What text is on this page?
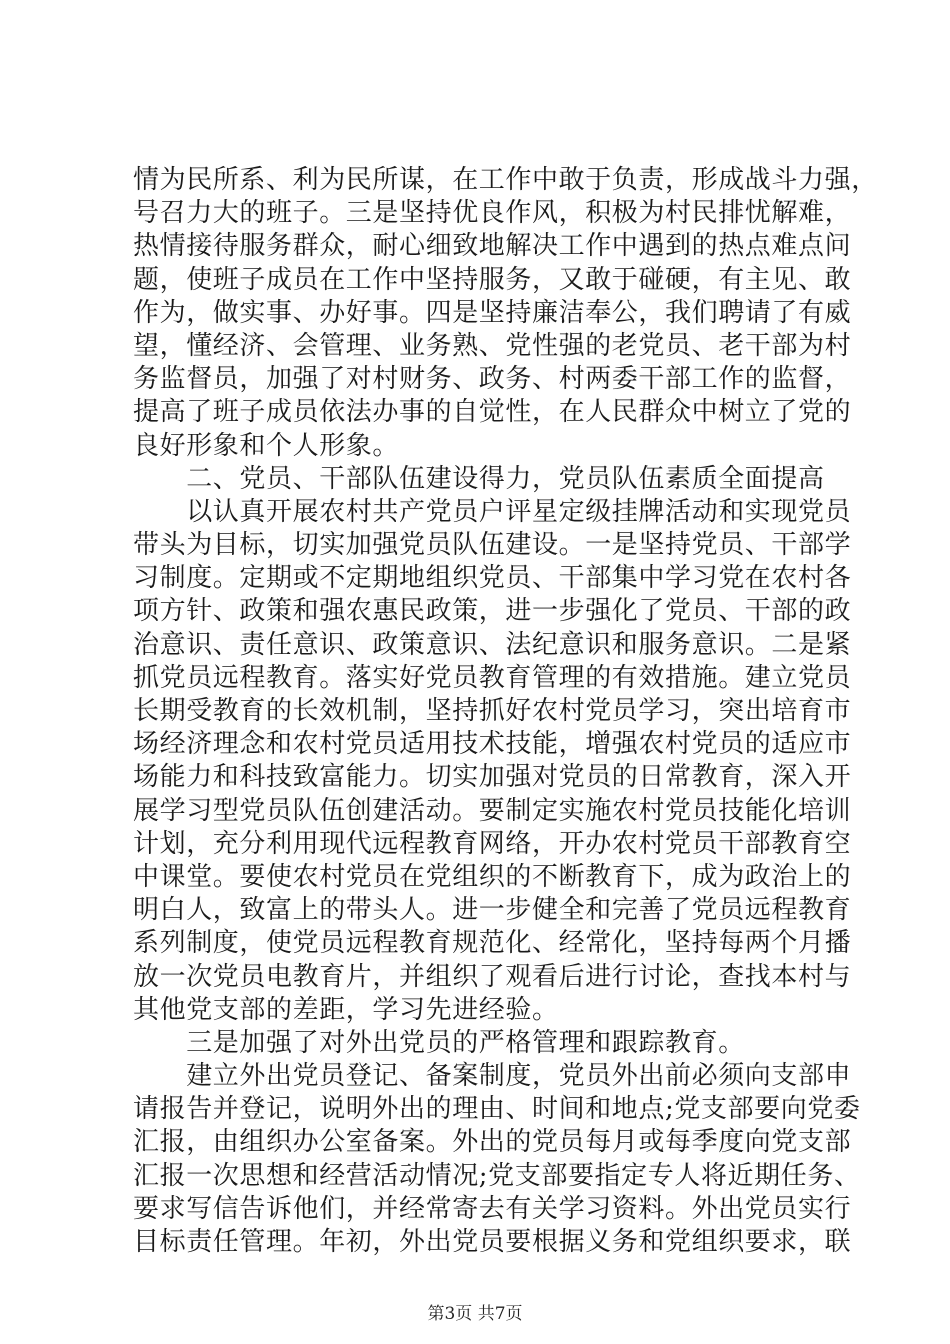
情为民所系、利为民所谋，在工作中敢于负责，形成战斗力强，
号召力大的班子。三是坚持优良作风，积极为村民排忧解难，
热情接待服务群众，耐心细致地解决工作中遇到的热点难点问
题，使班子成员在工作中坚持服务，又敢于碰硬，有主见、敢
作为，做实事、办好事。四是坚持廉洁奉公，我们聘请了有威
望，懂经济、会管理、业务熟、党性强的老党员、老干部为村
务监督员，加强了对村财务、政务、村两委干部工作的监督，
提高了班子成员依法办事的自觉性，在人民群众中树立了党的
良好形象和个人形象。
　　二、党员、干部队伍建设得力，党员队伍素质全面提高
　　以认真开展农村共产党员户评星定级挂牌活动和实现党员
带头为目标，切实加强党员队伍建设。一是坚持党员、干部学
习制度。定期或不定期地组织党员、干部集中学习党在农村各
项方针、政策和强农惠民政策，进一步强化了党员、干部的政
治意识、责任意识、政策意识、法纪意识和服务意识。二是紧
抓党员远程教育。落实好党员教育管理的有效措施。建立党员
长期受教育的长效机制，坚持抓好农村党员学习，突出培育市
场经济理念和农村党员适用技术技能，增强农村党员的适应市
场能力和科技致富能力。切实加强对党员的日常教育，深入开
展学习型党员队伍创建活动。要制定实施农村党员技能化培训
计划，充分利用现代远程教育网络，开办农村党员干部教育空
中课堂。要使农村党员在党组织的不断教育下，成为政治上的
明白人，致富上的带头人。进一步健全和完善了党员远程教育
系列制度，使党员远程教育规范化、经常化，坚持每两个月播
放一次党员电教育片，并组织了观看后进行讨论，查找本村与
其他党支部的差距，学习先进经验。
　　三是加强了对外出党员的严格管理和跟踪教育。
　　建立外出党员登记、备案制度，党员外出前必须向支部申
请报告并登记，说明外出的理由、时间和地点;党支部要向党委
汇报，由组织办公室备案。外出的党员每月或每季度向党支部
汇报一次思想和经营活动情况;党支部要指定专人将近期任务、
要求写信告诉他们，并经常寄去有关学习资料。外出党员实行
目标责任管理。年初，外出党员要根据义务和党组织要求，联
第3页 共7页
